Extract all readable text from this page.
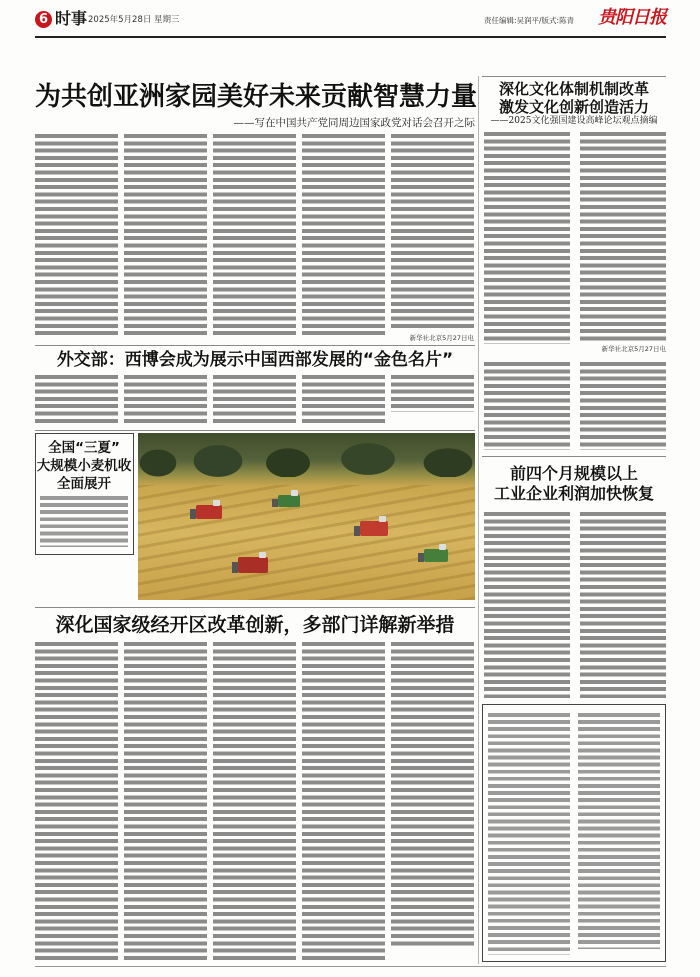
6 时事 2025年5月28日 星期三	责任编辑:吴润平/版式:陈青 贵阳日报
为共创亚洲家园美好未来贡献智慧力量
——写在中国共产党同周边国家政党对话会召开之际
新华社北京5月27日电
外交部：西博会成为展示中国西部发展的“金色名片”
全国“三夏”
大规模小麦机收
全面展开
深化国家级经开区改革创新，多部门详解新举措
深化文化体制机制改革
激发文化创新创造活力
——2025文化强国建设高峰论坛观点摘编
新华社北京5月27日电
前四个月规模以上
工业企业利润加快恢复
